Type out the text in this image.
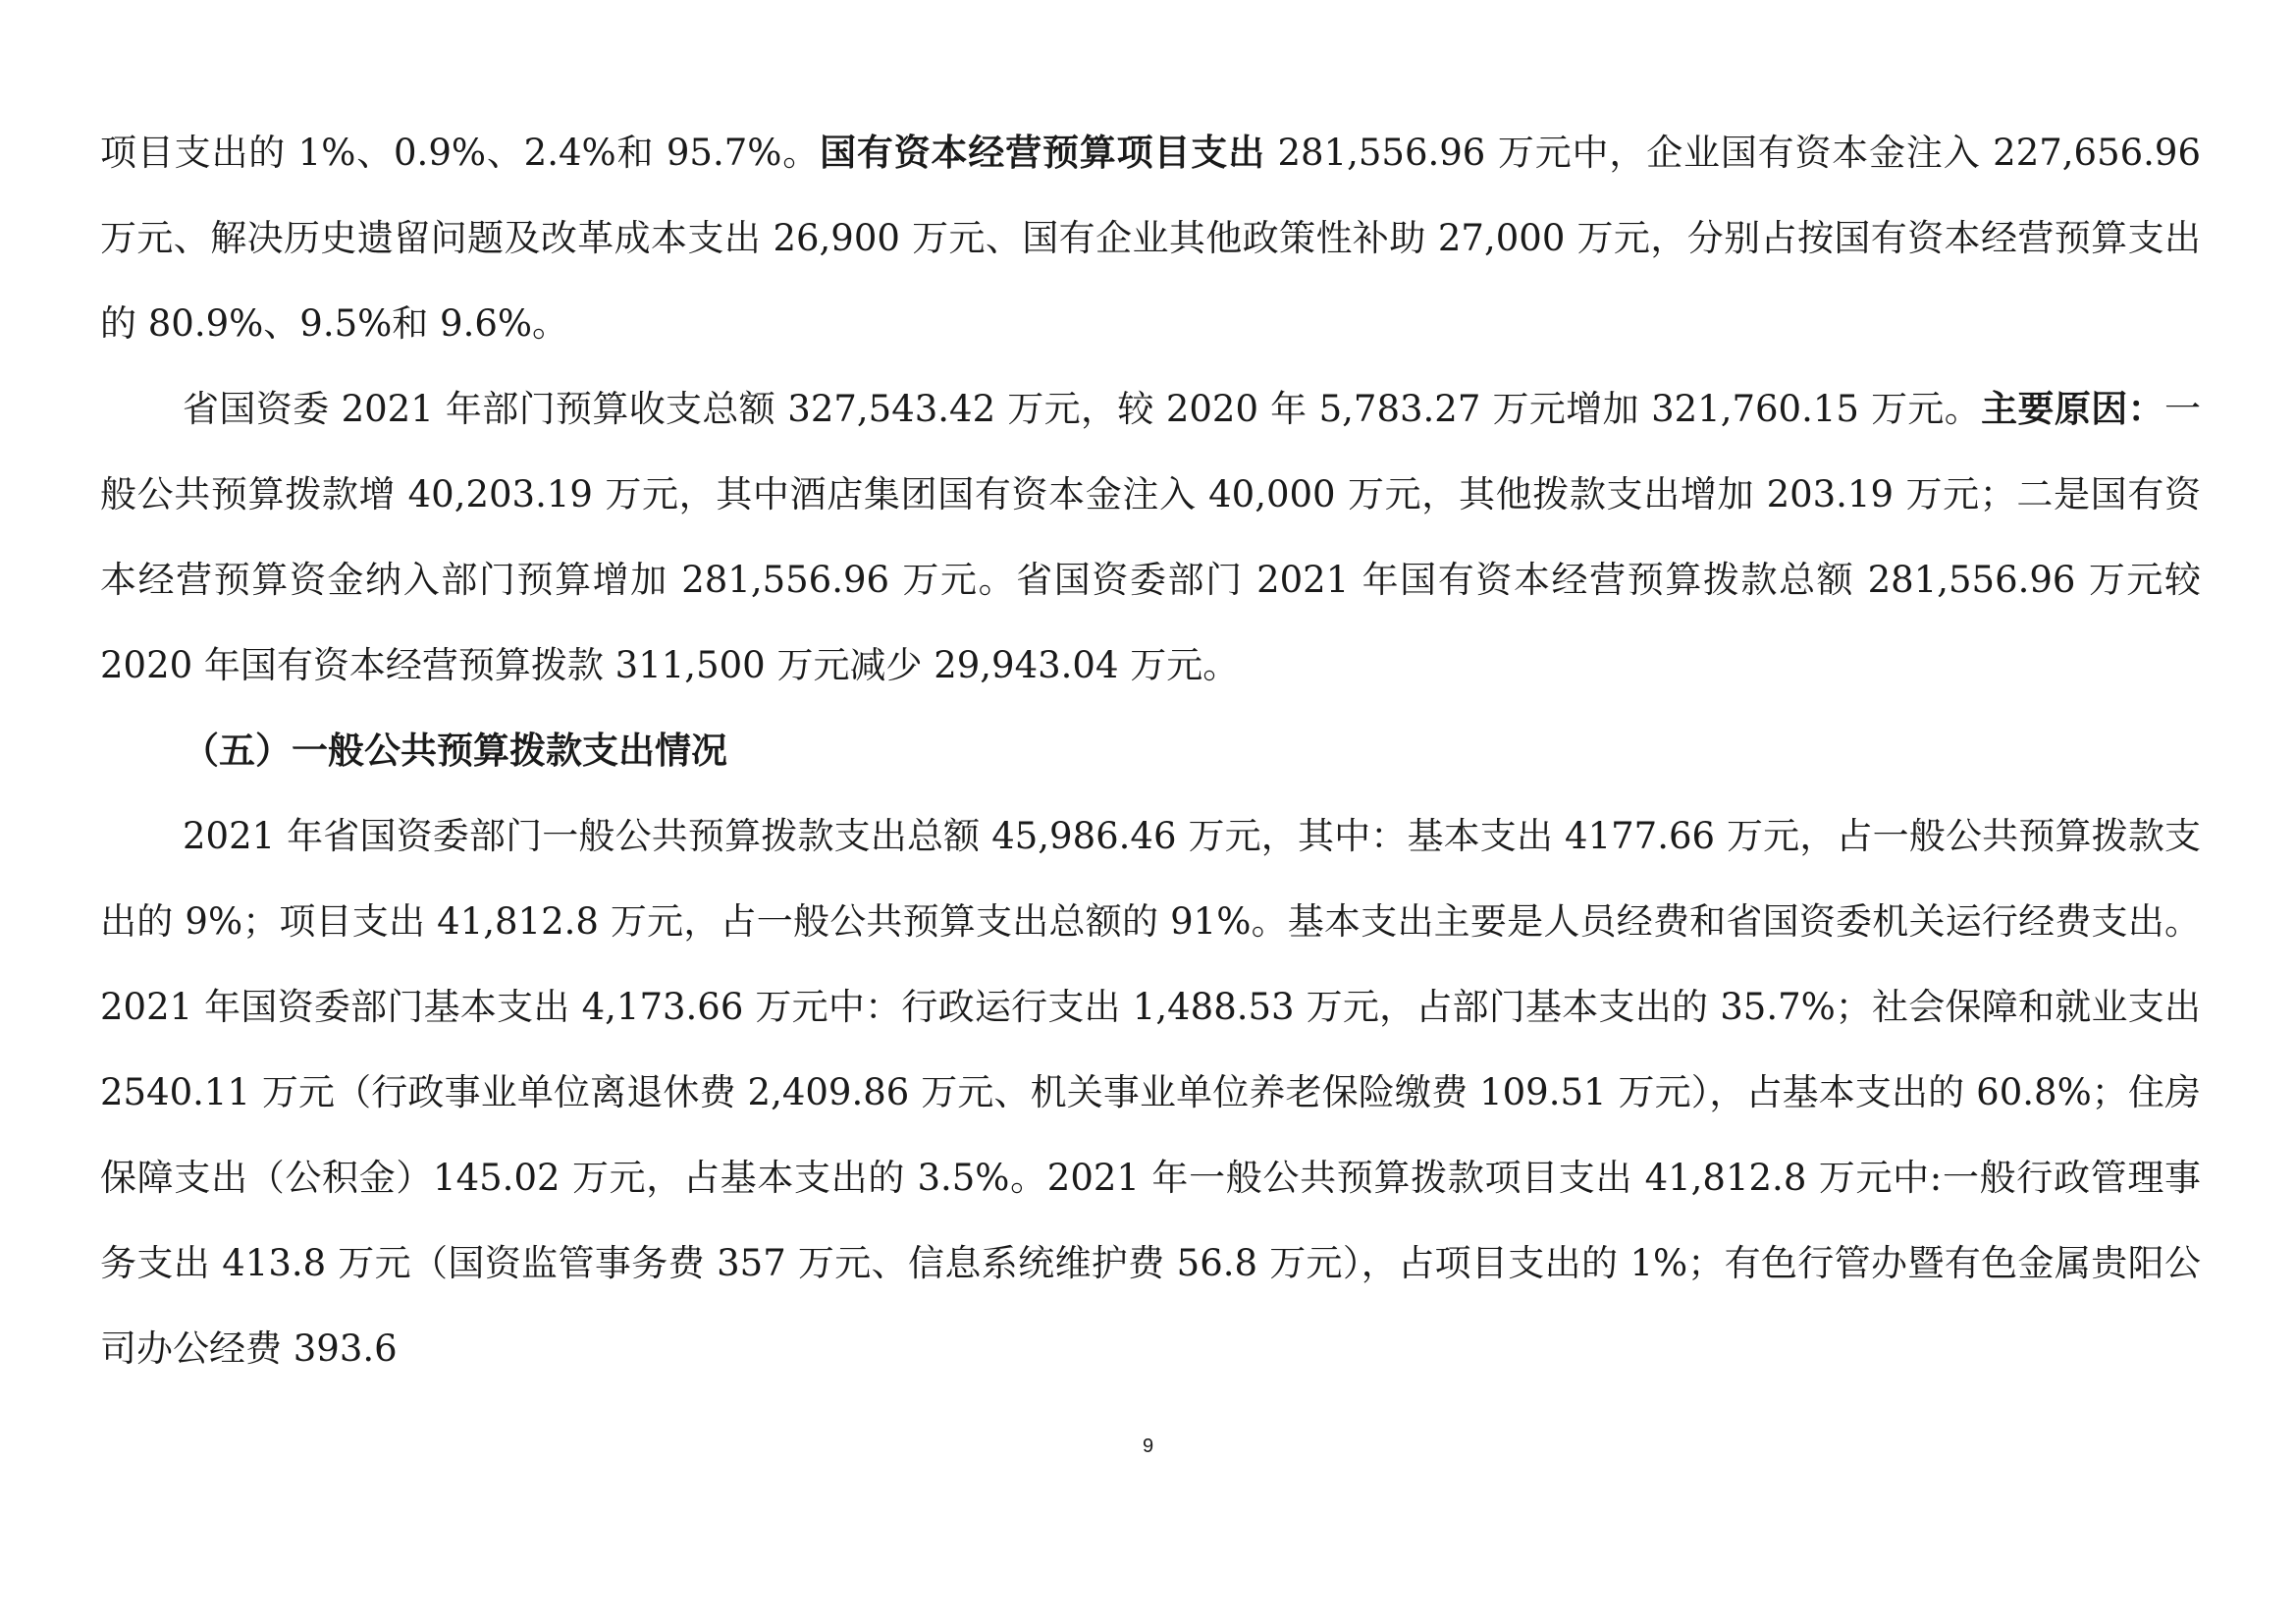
项目支出的 1%、0.9%、2.4%和 95.7%。国有资本经营预算项目支出 281,556.96 万元中，企业国有资本金注入 227,656.96 万元、解决历史遗留问题及改革成本支出 26,900 万元、国有企业其他政策性补助 27,000 万元，分别占按国有资本经营预算支出的 80.9%、9.5%和 9.6%。

省国资委 2021 年部门预算收支总额 327,543.42 万元，较 2020 年 5,783.27 万元增加 321,760.15 万元。主要原因：一般公共预算拨款增 40,203.19 万元，其中酒店集团国有资本金注入 40,000 万元，其他拨款支出增加 203.19 万元；二是国有资本经营预算资金纳入部门预算增加 281,556.96 万元。省国资委部门 2021 年国有资本经营预算拨款总额 281,556.96 万元较 2020 年国有资本经营预算拨款 311,500 万元减少 29,943.04 万元。

（五）一般公共预算拨款支出情况

2021 年省国资委部门一般公共预算拨款支出总额 45,986.46 万元，其中：基本支出 4177.66 万元，占一般公共预算拨款支出的 9%；项目支出 41,812.8 万元，占一般公共预算支出总额的 91%。基本支出主要是人员经费和省国资委机关运行经费支出。2021 年国资委部门基本支出 4,173.66 万元中：行政运行支出 1,488.53 万元，占部门基本支出的 35.7%；社会保障和就业支出 2540.11 万元（行政事业单位离退休费 2,409.86 万元、机关事业单位养老保险缴费 109.51 万元），占基本支出的 60.8%；住房保障支出（公积金）145.02 万元，占基本支出的 3.5%。2021 年一般公共预算拨款项目支出 41,812.8 万元中:一般行政管理事务支出 413.8 万元（国资监管事务费 357 万元、信息系统维护费 56.8 万元），占项目支出的 1%；有色行管办暨有色金属贵阳公司办公经费 393.6

9
